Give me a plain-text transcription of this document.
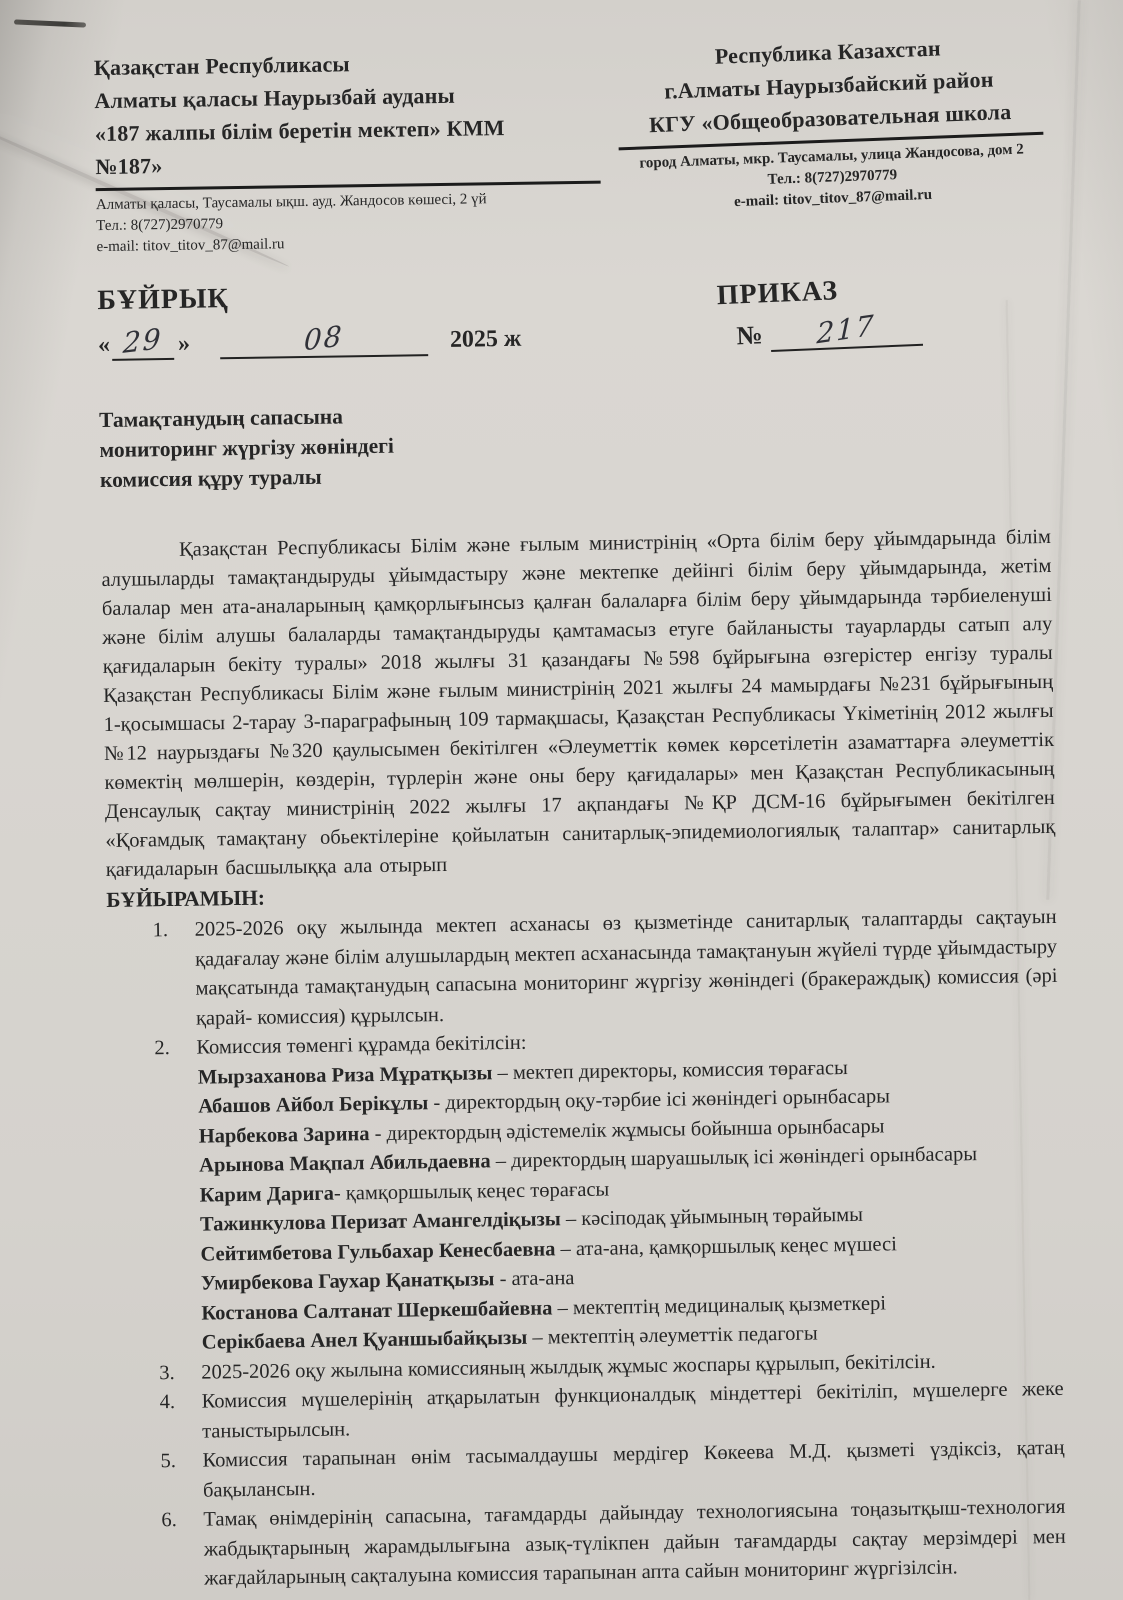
Қазақстан Республикасы
Алматы қаласы Наурызбай ауданы
«187 жалпы білім беретін мектеп» КММ
№187»
Алматы қаласы, Таусамалы ықш. ауд. Жандосов көшесі, 2 үй
Тел.: 8(727)2970779
e-mail: titov_titov_87@mail.ru
Республика Казахстан
г.Алматы Наурызбайский район
КГУ «Общеобразовательная школа
город Алматы, мкр. Таусамалы, улица Жандосова, дом 2
Тел.: 8(727)2970779
e-mail: titov_titov_87@mail.ru
БҰЙРЫҚ
« 29 »	08	2025 ж
ПРИКАЗ
№ 217
Тамақтанудың сапасына
мониторинг жүргізу жөніндегі
комиссия құру туралы
Қазақстан Республикасы Білім және ғылым министрінің «Орта білім беру ұйымдарында білім алушыларды тамақтандыруды ұйымдастыру және мектепке дейінгі білім беру ұйымдарында, жетім балалар мен ата-аналарының қамқорлығынсыз қалған балаларға білім беру ұйымдарында тәрбиеленуші және білім алушы балаларды тамақтандыруды қамтамасыз етуге байланысты тауарларды сатып алу қағидаларын бекіту туралы» 2018 жылғы 31 қазандағы №598 бұйрығына өзгерістер енгізу туралы Қазақстан Республикасы Білім және ғылым министрінің 2021 жылғы 24 мамырдағы №231 бұйрығының 1-қосымшасы 2-тарау 3-параграфының 109 тармақшасы, Қазақстан Республикасы Үкіметінің 2012 жылғы №12 наурыздағы №320 қаулысымен бекітілген «Әлеуметтік көмек көрсетілетін азаматтарға әлеуметтік көмектің мөлшерін, көздерін, түрлерін және оны беру қағидалары» мен Қазақстан Республикасының Денсаулық сақтау министрінің 2022 жылғы 17 ақпандағы №ҚР ДСМ-16 бұйрығымен бекітілген «Қоғамдық тамақтану обьектілеріне қойылатын санитарлық-эпидемиологиялық талаптар» санитарлық қағидаларын басшылыққа ала отырып
БҰЙЫРАМЫН:
1. 2025-2026 оқу жылында мектеп асханасы өз қызметінде санитарлық талаптарды сақтауын қадағалау және білім алушылардың мектеп асханасында тамақтануын жүйелі түрде ұйымдастыру мақсатында тамақтанудың сапасына мониторинг жүргізу жөніндегі (бракераждық) комиссия (әрі қарай- комиссия) құрылсын.
2. Комиссия төменгі құрамда бекітілсін:
Мырзаханова Риза Мұратқызы – мектеп директоры, комиссия төрағасы
Абашов Айбол Берікұлы - директордың оқу-тәрбие ісі жөніндегі орынбасары
Нарбекова Зарина - директордың әдістемелік жұмысы бойынша орынбасары
Арынова Мақпал Абильдаевна – директордың шаруашылық ісі жөніндегі орынбасары
Карим Дарига- қамқоршылық кеңес төрағасы
Тажинкулова Перизат Амангелдіқызы – кәсіподақ ұйымының төрайымы
Сейтимбетова Гульбахар Кенесбаевна – ата-ана, қамқоршылық кеңес мүшесі
Умирбекова Гаухар Қанатқызы - ата-ана
Костанова Салтанат Шеркешбайевна – мектептің медициналық қызметкері
Серікбаева Анел Қуаншыбайқызы – мектептің әлеуметтік педагогы
3. 2025-2026 оқу жылына комиссияның жылдық жұмыс жоспары құрылып, бекітілсін.
4. Комиссия мүшелерінің атқарылатын функционалдық міндеттері бекітіліп, мүшелерге жеке таныстырылсын.
5. Комиссия тарапынан өнім тасымалдаушы мердігер Көкеева М.Д. қызметі үздіксіз, қатаң бақылансын.
6. Тамақ өнімдерінің сапасына, тағамдарды дайындау технологиясына тоңазытқыш-технология жабдықтарының жарамдылығына азық-түлікпен дайын тағамдарды сақтау мерзімдері мен жағдайларының сақталуына комиссия тарапынан апта сайын мониторинг жүргізілсін.
